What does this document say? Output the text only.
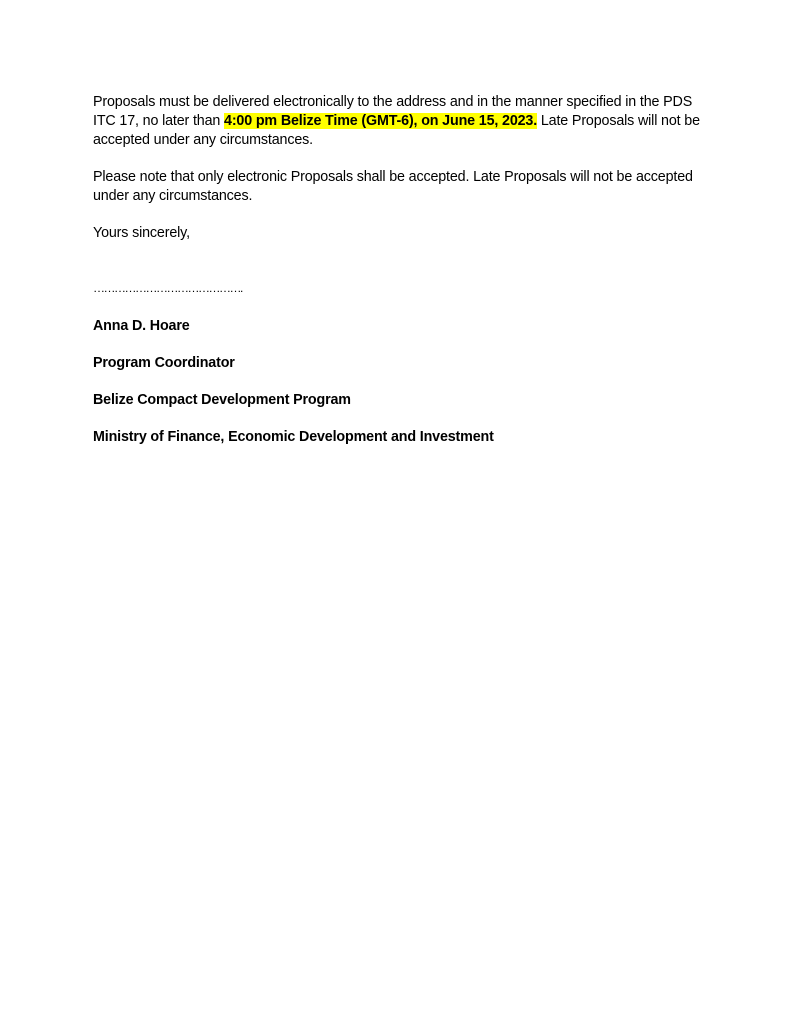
Proposals must be delivered electronically to the address and in the manner specified in the PDS ITC 17, no later than 4:00 pm Belize Time (GMT-6), on June 15, 2023. Late Proposals will not be accepted under any circumstances.

Please note that only electronic Proposals shall be accepted. Late Proposals will not be accepted under any circumstances.

Yours sincerely,

…………………………………….

Anna D. Hoare

Program Coordinator

Belize Compact Development Program

Ministry of Finance, Economic Development and Investment
